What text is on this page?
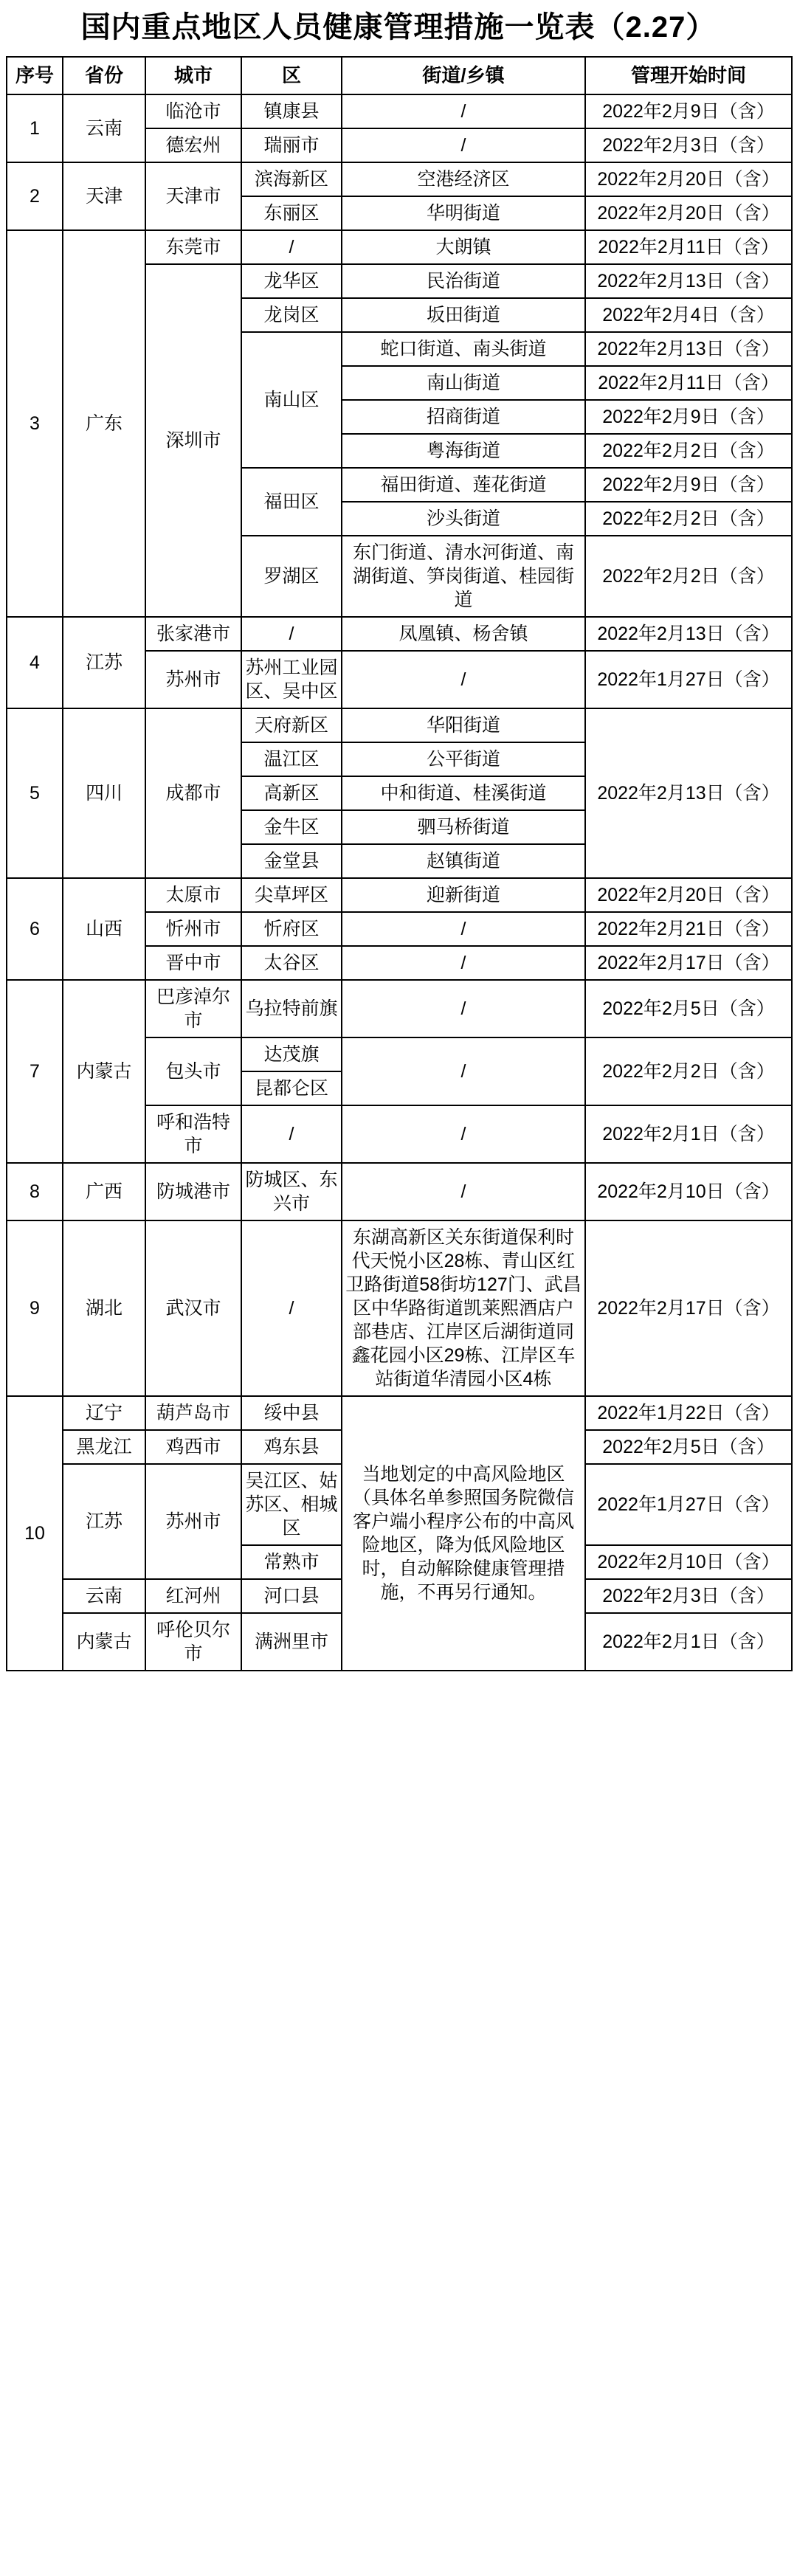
国内重点地区人员健康管理措施一览表（2.27）
序号	省份	城市	区	街道/乡镇	管理开始时间
1	云南	临沧市	镇康县	/	2022年2月9日（含）
		德宏州	瑞丽市	/	2022年2月3日（含）
2	天津	天津市	滨海新区	空港经济区	2022年2月20日（含）
			东丽区	华明街道	2022年2月20日（含）
3	广东	东莞市	/	大朗镇	2022年2月11日（含）
		深圳市	龙华区	民治街道	2022年2月13日（含）
			龙岗区	坂田街道	2022年2月4日（含）
			南山区	蛇口街道、南头街道	2022年2月13日（含）
				南山街道	2022年2月11日（含）
				招商街道	2022年2月9日（含）
				粤海街道	2022年2月2日（含）
			福田区	福田街道、莲花街道	2022年2月9日（含）
				沙头街道	2022年2月2日（含）
			罗湖区	东门街道、清水河街道、南湖街道、笋岗街道、桂园街道	2022年2月2日（含）
4	江苏	张家港市	/	凤凰镇、杨舍镇	2022年2月13日（含）
		苏州市	苏州工业园区、吴中区	/	2022年1月27日（含）
5	四川	成都市	天府新区	华阳街道	2022年2月13日（含）
			温江区	公平街道	
			高新区	中和街道、桂溪街道	
			金牛区	驷马桥街道	
			金堂县	赵镇街道	
6	山西	太原市	尖草坪区	迎新街道	2022年2月20日（含）
		忻州市	忻府区	/	2022年2月21日（含）
		晋中市	太谷区	/	2022年2月17日（含）
7	内蒙古	巴彦淖尔市	乌拉特前旗	/	2022年2月5日（含）
		包头市	达茂旗	/	2022年2月2日（含）
			昆都仑区		
		呼和浩特市	/	/	2022年2月1日（含）
8	广西	防城港市	防城区、东兴市	/	2022年2月10日（含）
9	湖北	武汉市	/	东湖高新区关东街道保利时代天悦小区28栋、青山区红卫路街道58街坊127门、武昌区中华路街道凯莱熙酒店户部巷店、江岸区后湖街道同鑫花园小区29栋、江岸区车站街道华清园小区4栋	2022年2月17日（含）
10	辽宁	葫芦岛市	绥中县	当地划定的中高风险地区（具体名单参照国务院微信客户端小程序公布的中高风险地区，降为低风险地区时，自动解除健康管理措施，不再另行通知。	2022年1月22日（含）
	黑龙江	鸡西市	鸡东县		2022年2月5日（含）
	江苏	苏州市	吴江区、姑苏区、相城区		2022年1月27日（含）
			常熟市		2022年2月10日（含）
	云南	红河州	河口县		2022年2月3日（含）
	内蒙古	呼伦贝尔市	满洲里市		2022年2月1日（含）
